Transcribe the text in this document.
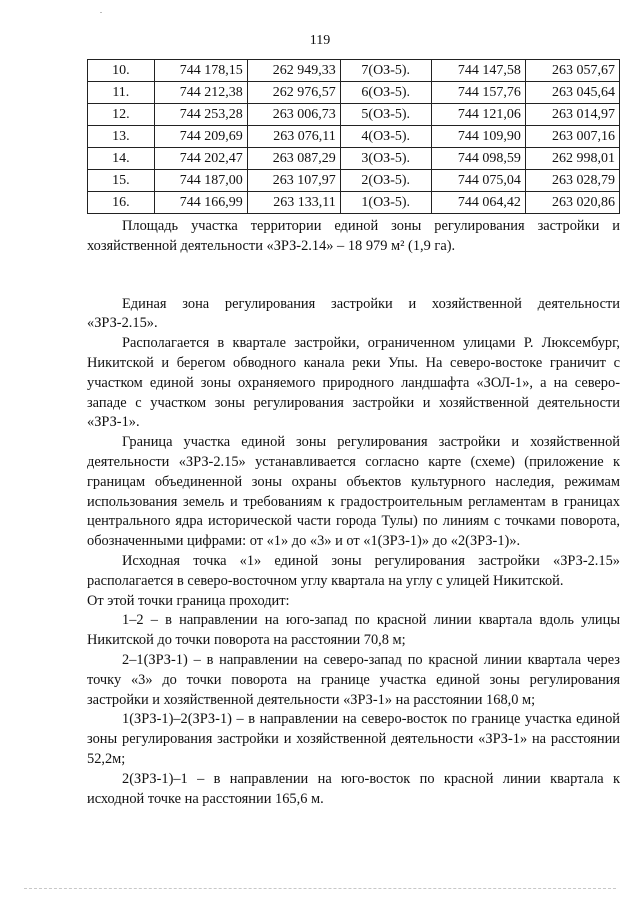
119
10.	744 178,15	262 949,33	7(ОЗ-5).	744 147,58	263 057,67
11.	744 212,38	262 976,57	6(ОЗ-5).	744 157,76	263 045,64
12.	744 253,28	263 006,73	5(ОЗ-5).	744 121,06	263 014,97
13.	744 209,69	263 076,11	4(ОЗ-5).	744 109,90	263 007,16
14.	744 202,47	263 087,29	3(ОЗ-5).	744 098,59	262 998,01
15.	744 187,00	263 107,97	2(ОЗ-5).	744 075,04	263 028,79
16.	744 166,99	263 133,11	1(ОЗ-5).	744 064,42	263 020,86

Площадь участка территории единой зоны регулирования застройки и хозяйственной деятельности «ЗРЗ-2.14» – 18 979 м² (1,9 га).

Единая зона регулирования застройки и хозяйственной деятельности «ЗРЗ-2.15».

Располагается в квартале застройки, ограниченном улицами Р. Люксембург, Никитской и берегом обводного канала реки Упы. На северо-востоке граничит с участком единой зоны охраняемого природного ландшафта «ЗОЛ-1», а на северо-западе с участком зоны регулирования застройки и хозяйственной деятельности «ЗРЗ-1».

Граница участка единой зоны регулирования застройки и хозяйственной деятельности «ЗРЗ-2.15» устанавливается согласно карте (схеме) (приложение к границам объединенной зоны охраны объектов культурного наследия, режимам использования земель и требованиям к градостроительным регламентам в границах центрального ядра исторической части города Тулы) по линиям с точками поворота, обозначенными цифрами: от «1» до «3» и от «1(ЗРЗ-1)» до «2(ЗРЗ-1)».

Исходная точка «1» единой зоны регулирования застройки «ЗРЗ-2.15» располагается в северо-восточном углу квартала на углу с улицей Никитской.

От этой точки граница проходит:

1–2 – в направлении на юго-запад по красной линии квартала вдоль улицы Никитской до точки поворота на расстоянии 70,8 м;

2–1(ЗРЗ-1) – в направлении на северо-запад по красной линии квартала через точку «3» до точки поворота на границе участка единой зоны регулирования застройки и хозяйственной деятельности «ЗРЗ-1» на расстоянии 168,0 м;

1(ЗРЗ-1)–2(ЗРЗ-1) – в направлении на северо-восток по границе участка единой зоны регулирования застройки и хозяйственной деятельности «ЗРЗ-1» на расстоянии 52,2м;

2(ЗРЗ-1)–1 – в направлении на юго-восток по красной линии квартала к исходной точке на расстоянии 165,6 м.
